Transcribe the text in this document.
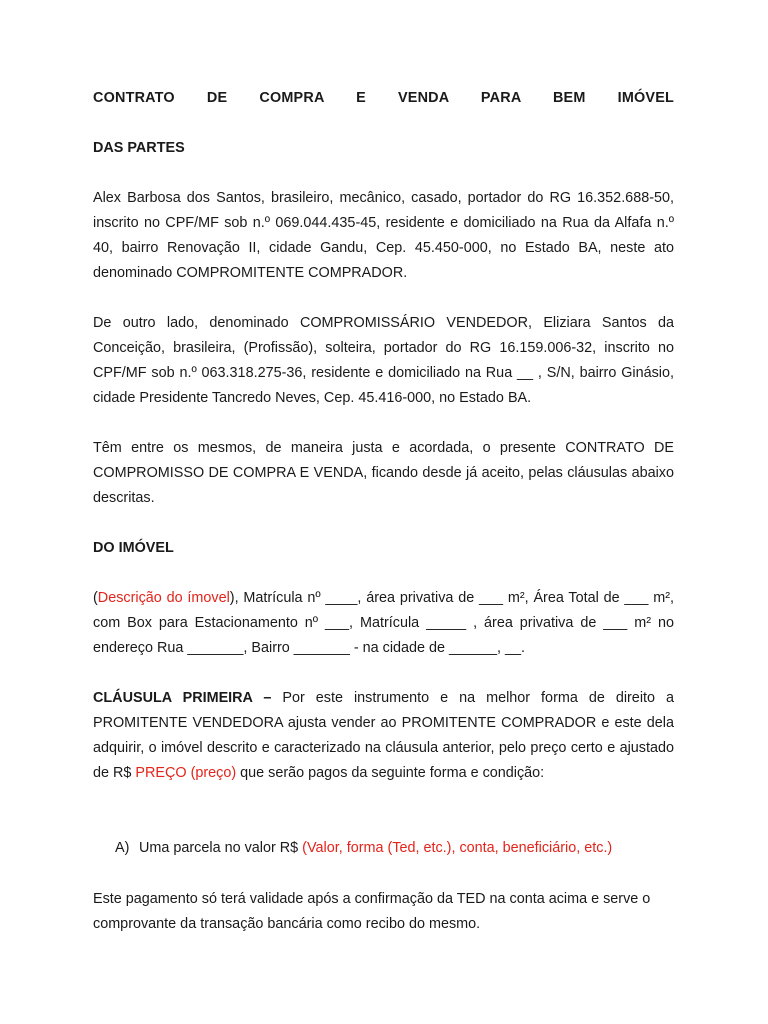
CONTRATO DE COMPRA E VENDA PARA BEM IMÓVEL

DAS PARTES

Alex Barbosa dos Santos, brasileiro, mecânico, casado, portador do RG 16.352.688-50, inscrito no CPF/MF sob n.º 069.044.435-45, residente e domiciliado na Rua da Alfafa n.º 40, bairro Renovação II, cidade Gandu, Cep. 45.450-000, no Estado BA, neste ato denominado COMPROMITENTE COMPRADOR.

De outro lado, denominado COMPROMISSÁRIO VENDEDOR, Eliziara Santos da Conceição, brasileira, (Profissão), solteira, portador do RG 16.159.006-32, inscrito no CPF/MF sob n.º 063.318.275-36, residente e domiciliado na Rua __ , S/N, bairro Ginásio, cidade Presidente Tancredo Neves, Cep. 45.416-000, no Estado BA.

Têm entre os mesmos, de maneira justa e acordada, o presente CONTRATO DE COMPROMISSO DE COMPRA E VENDA, ficando desde já aceito, pelas cláusulas abaixo descritas.

DO IMÓVEL

(Descrição do ímovel), Matrícula nº ____, área privativa de ___ m², Área Total de ___ m², com Box para Estacionamento nº ___, Matrícula _____ , área privativa de ___ m² no endereço Rua _______, Bairro _______ - na cidade de ______, __.

CLÁUSULA PRIMEIRA – Por este instrumento e na melhor forma de direito a PROMITENTE VENDEDORA ajusta vender ao PROMITENTE COMPRADOR e este dela adquirir, o imóvel descrito e caracterizado na cláusula anterior, pelo preço certo e ajustado de R$ PREÇO (preço) que serão pagos da seguinte forma e condição:

A) Uma parcela no valor R$ (Valor, forma (Ted, etc.), conta, beneficiário, etc.)

Este pagamento só terá validade após a confirmação da TED na conta acima e serve o comprovante da transação bancária como recibo do mesmo.
